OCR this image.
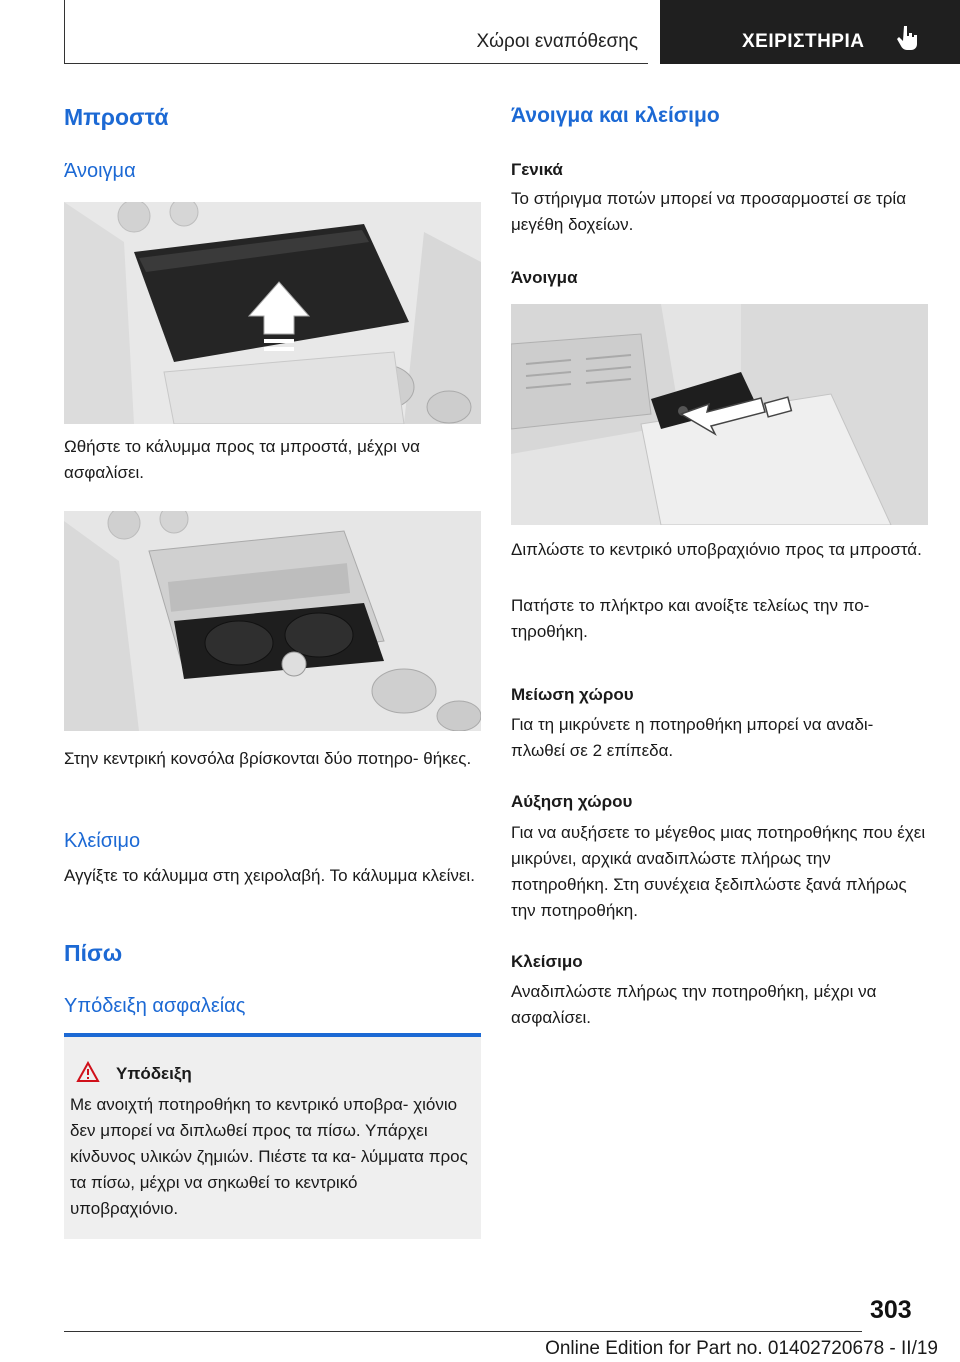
Χώροι εναπόθεσης	ΧΕΙΡΙΣΤΗΡΙΑ
Μπροστά
Άνοιγμα
Ωθήστε το κάλυμμα προς τα μπροστά, μέχρι να ασφαλίσει.
Στην κεντρική κονσόλα βρίσκονται δύο ποτηρο- θήκες.
Κλείσιμο
Αγγίξτε το κάλυμμα στη χειρολαβή. Το κάλυμμα κλείνει.
Πίσω
Υπόδειξη ασφαλείας
Υπόδειξη
Με ανοιχτή ποτηροθήκη το κεντρικό υποβρα- χιόνιο δεν μπορεί να διπλωθεί προς τα πίσω. Υπάρχει κίνδυνος υλικών ζημιών. Πιέστε τα κα- λύμματα προς τα πίσω, μέχρι να σηκωθεί το κεντρικό υποβραχιόνιο.
Άνοιγμα και κλείσιμο
Γενικά
Το στήριγμα ποτών μπορεί να προσαρμοστεί σε τρία μεγέθη δοχείων.
Άνοιγμα
Διπλώστε το κεντρικό υποβραχιόνιο προς τα μπροστά.
Πατήστε το πλήκτρο και ανοίξτε τελείως την πο- τηροθήκη.
Μείωση χώρου
Για τη μικρύνετε η ποτηροθήκη μπορεί να αναδι- πλωθεί σε 2 επίπεδα.
Αύξηση χώρου
Για να αυξήσετε το μέγεθος μιας ποτηροθήκης που έχει μικρύνει, αρχικά αναδιπλώστε πλήρως την ποτηροθήκη. Στη συνέχεια ξεδιπλώστε ξανά πλήρως την ποτηροθήκη.
Κλείσιμο
Αναδιπλώστε πλήρως την ποτηροθήκη, μέχρι να ασφαλίσει.
303
Online Edition for Part no. 01402720678 - II/19
